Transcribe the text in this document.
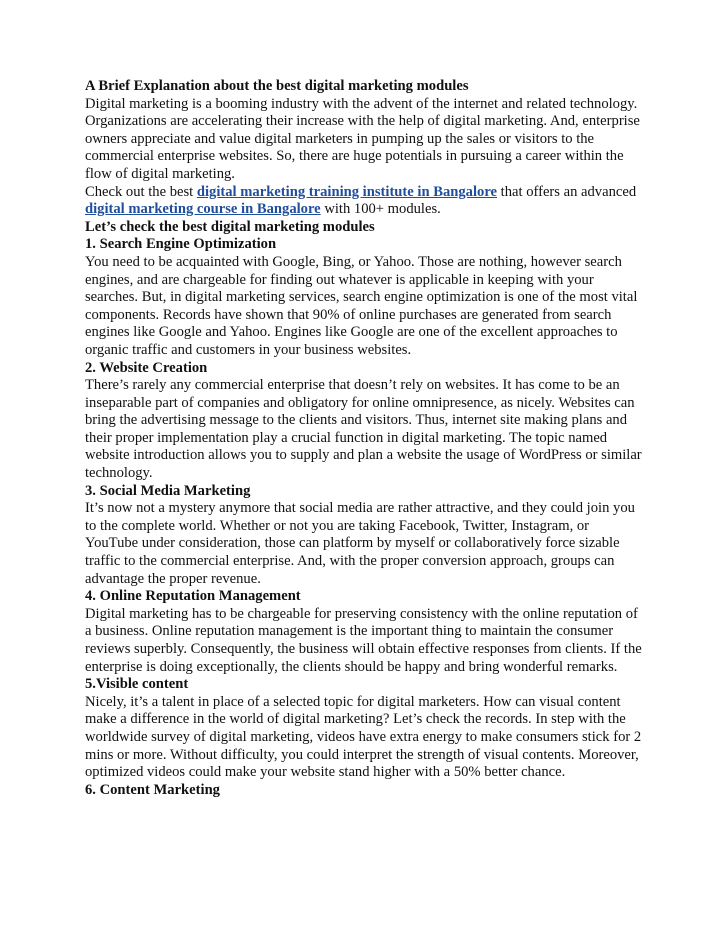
A Brief Explanation about the best digital marketing modules

Digital marketing is a booming industry with the advent of the internet and related technology. Organizations are accelerating their increase with the help of digital marketing. And, enterprise owners appreciate and value digital marketers in pumping up the sales or visitors to the commercial enterprise websites. So, there are huge potentials in pursuing a career within the flow of digital marketing.

Check out the best digital marketing training institute in Bangalore that offers an advanced digital marketing course in Bangalore with 100+ modules.

Let’s check the best digital marketing modules
1. Search Engine Optimization

You need to be acquainted with Google, Bing, or Yahoo. Those are nothing, however search engines, and are chargeable for finding out whatever is applicable in keeping with your searches. But, in digital marketing services, search engine optimization is one of the most vital components. Records have shown that 90% of online purchases are generated from search engines like Google and Yahoo. Engines like Google are one of the excellent approaches to organic traffic and customers in your business websites.

2. Website Creation

There’s rarely any commercial enterprise that doesn’t rely on websites. It has come to be an inseparable part of companies and obligatory for online omnipresence, as nicely. Websites can bring the advertising message to the clients and visitors. Thus, internet site making plans and their proper implementation play a crucial function in digital marketing. The topic named website introduction allows you to supply and plan a website the usage of WordPress or similar technology.

3. Social Media Marketing

It’s now not a mystery anymore that social media are rather attractive, and they could join you to the complete world. Whether or not you are taking Facebook, Twitter, Instagram, or YouTube under consideration, those can platform by myself or collaboratively force sizable traffic to the commercial enterprise. And, with the proper conversion approach, groups can advantage the proper revenue.

4. Online Reputation Management

Digital marketing has to be chargeable for preserving consistency with the online reputation of a business. Online reputation management is the important thing to maintain the consumer reviews superbly. Consequently, the business will obtain effective responses from clients. If the enterprise is doing exceptionally, the clients should be happy and bring wonderful remarks.

5.Visible content

Nicely, it’s a talent in place of a selected topic for digital marketers. How can visual content make a difference in the world of digital marketing? Let’s check the records. In step with the worldwide survey of digital marketing, videos have extra energy to make consumers stick for 2 mins or more. Without difficulty, you could interpret the strength of visual contents. Moreover, optimized videos could make your website stand higher with a 50% better chance.

6. Content Marketing
